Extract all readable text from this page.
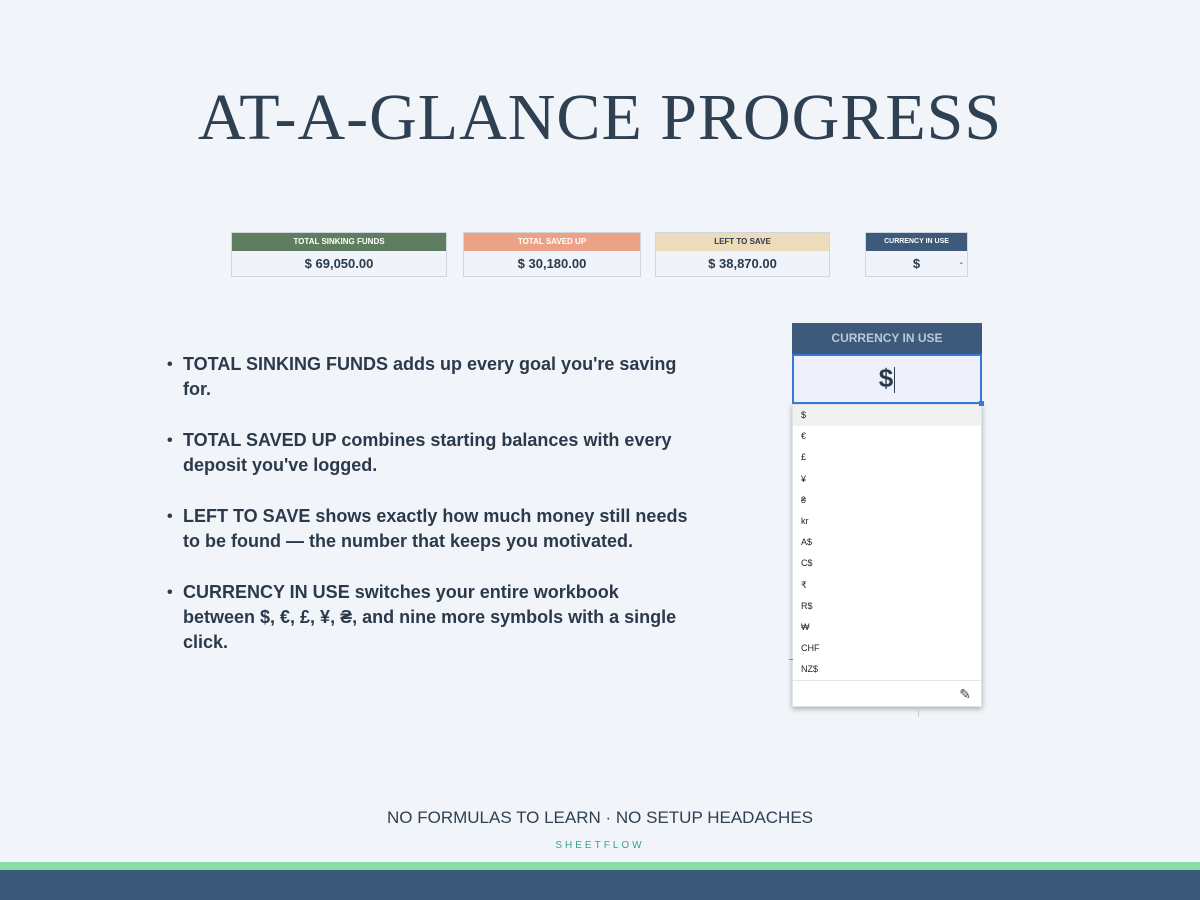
AT-A-GLANCE PROGRESS
TOTAL SINKING FUNDS
$ 69,050.00
TOTAL SAVED UP
$ 30,180.00
LEFT TO SAVE
$ 38,870.00
CURRENCY IN USE
$	-
• TOTAL SINKING FUNDS adds up every goal you're saving for.
• TOTAL SAVED UP combines starting balances with every deposit you've logged.
• LEFT TO SAVE shows exactly how much money still needs to be found — the number that keeps you motivated.
• CURRENCY IN USE switches your entire workbook between $, €, £, ¥, ₴, and nine more symbols with a single click.
CURRENCY IN USE
$
$
€
£
¥
₴
kr
A$
C$
₹
R$
₩
CHF
NZ$
✎
NO FORMULAS TO LEARN · NO SETUP HEADACHES
SHEETFLOW
